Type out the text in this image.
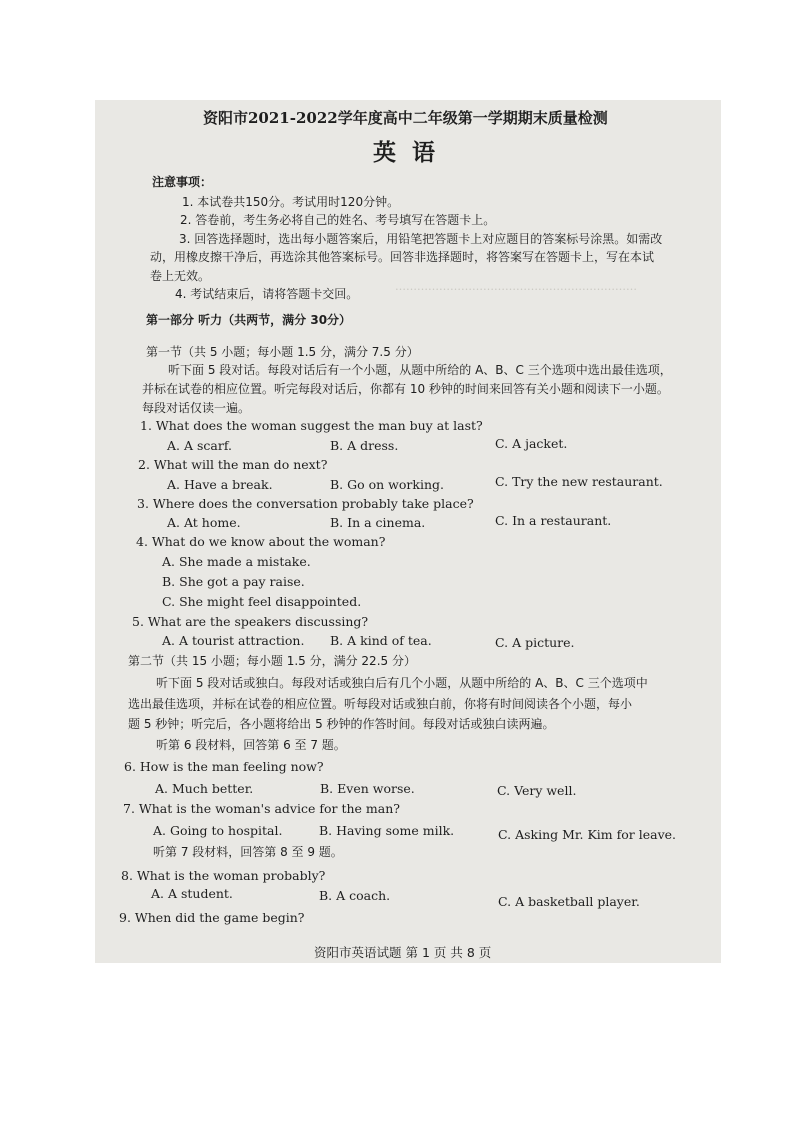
…………………………………………………………
资阳市2021-2022学年度高中二年级第一学期期末质量检测
英语
注意事项：
1. 本试卷共150分。考试用时120分钟。
2. 答卷前，考生务必将自己的姓名、考号填写在答题卡上。
3. 回答选择题时，选出每小题答案后，用铅笔把答题卡上对应题目的答案标号涂黑。如需改
动，用橡皮擦干净后，再选涂其他答案标号。回答非选择题时，将答案写在答题卡上，写在本试
卷上无效。
4. 考试结束后，请将答题卡交回。
第一部分 听力（共两节，满分 30分）
第一节（共 5 小题；每小题 1.5 分，满分 7.5 分）
听下面 5 段对话。每段对话后有一个小题，从题中所给的 A、B、C 三个选项中选出最佳选项，
并标在试卷的相应位置。听完每段对话后，你都有 10 秒钟的时间来回答有关小题和阅读下一小题。
每段对话仅读一遍。
1. What does the woman suggest the man buy at last?
A. A scarf.	B. A dress.	C. A jacket.
2. What will the man do next?
A. Have a break.	B. Go on working.	C. Try the new restaurant.
3. Where does the conversation probably take place?
A. At home.	B. In a cinema.	C. In a restaurant.
4. What do we know about the woman?
A. She made a mistake.
B. She got a pay raise.
C. She might feel disappointed.
5. What are the speakers discussing?
A. A tourist attraction. B. A kind of tea.	C. A picture.
第二节（共 15 小题；每小题 1.5 分，满分 22.5 分）
听下面 5 段对话或独白。每段对话或独白后有几个小题，从题中所给的 A、B、C 三个选项中
选出最佳选项，并标在试卷的相应位置。听每段对话或独白前，你将有时间阅读各个小题，每小
题 5 秒钟；听完后，各小题将给出 5 秒钟的作答时间。每段对话或独白读两遍。
听第 6 段材料，回答第 6 至 7 题。
6. How is the man feeling now?
A. Much better.	B. Even worse.	C. Very well.
7. What is the woman's advice for the man?
A. Going to hospital.	B. Having some milk.	C. Asking Mr. Kim for leave.
听第 7 段材料，回答第 8 至 9 题。
8. What is the woman probably?
A. A student.	B. A coach.	C. A basketball player.
9. When did the game begin?
资阳市英语试题 第 1 页 共 8 页
